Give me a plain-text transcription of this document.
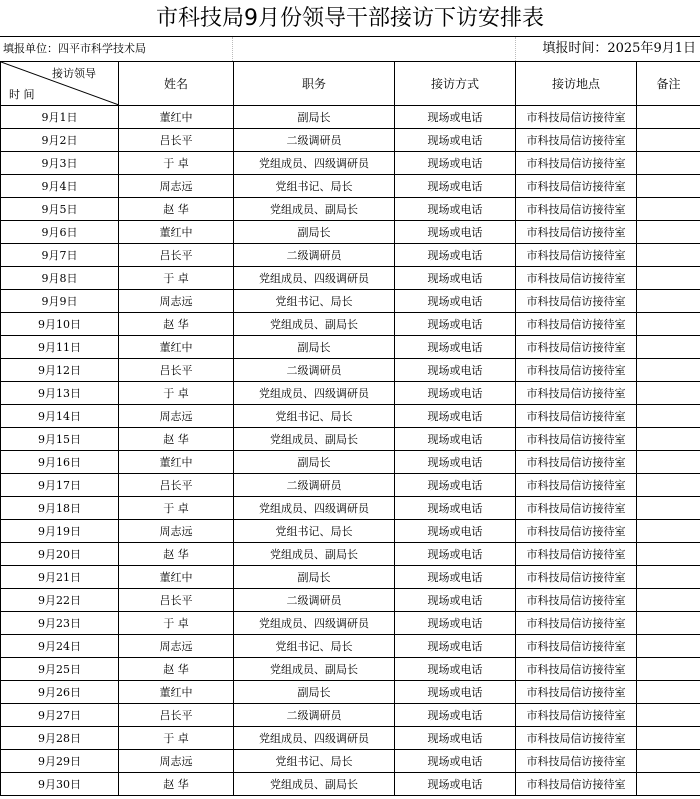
市科技局9月份领导干部接访下访安排表
填报单位：四平市科学技术局	填报时间：2025年9月1日
接访领导
时 间	姓名	职务	接访方式	接访地点	备注
9月1日	董红中	副局长	现场或电话	市科技局信访接待室	
9月2日	吕长平	二级调研员	现场或电话	市科技局信访接待室	
9月3日	于 卓	党组成员、四级调研员	现场或电话	市科技局信访接待室	
9月4日	周志远	党组书记、局长	现场或电话	市科技局信访接待室	
9月5日	赵 华	党组成员、副局长	现场或电话	市科技局信访接待室	
9月6日	董红中	副局长	现场或电话	市科技局信访接待室	
9月7日	吕长平	二级调研员	现场或电话	市科技局信访接待室	
9月8日	于 卓	党组成员、四级调研员	现场或电话	市科技局信访接待室	
9月9日	周志远	党组书记、局长	现场或电话	市科技局信访接待室	
9月10日	赵 华	党组成员、副局长	现场或电话	市科技局信访接待室	
9月11日	董红中	副局长	现场或电话	市科技局信访接待室	
9月12日	吕长平	二级调研员	现场或电话	市科技局信访接待室	
9月13日	于 卓	党组成员、四级调研员	现场或电话	市科技局信访接待室	
9月14日	周志远	党组书记、局长	现场或电话	市科技局信访接待室	
9月15日	赵 华	党组成员、副局长	现场或电话	市科技局信访接待室	
9月16日	董红中	副局长	现场或电话	市科技局信访接待室	
9月17日	吕长平	二级调研员	现场或电话	市科技局信访接待室	
9月18日	于 卓	党组成员、四级调研员	现场或电话	市科技局信访接待室	
9月19日	周志远	党组书记、局长	现场或电话	市科技局信访接待室	
9月20日	赵 华	党组成员、副局长	现场或电话	市科技局信访接待室	
9月21日	董红中	副局长	现场或电话	市科技局信访接待室	
9月22日	吕长平	二级调研员	现场或电话	市科技局信访接待室	
9月23日	于 卓	党组成员、四级调研员	现场或电话	市科技局信访接待室	
9月24日	周志远	党组书记、局长	现场或电话	市科技局信访接待室	
9月25日	赵 华	党组成员、副局长	现场或电话	市科技局信访接待室	
9月26日	董红中	副局长	现场或电话	市科技局信访接待室	
9月27日	吕长平	二级调研员	现场或电话	市科技局信访接待室	
9月28日	于 卓	党组成员、四级调研员	现场或电话	市科技局信访接待室	
9月29日	周志远	党组书记、局长	现场或电话	市科技局信访接待室	
9月30日	赵 华	党组成员、副局长	现场或电话	市科技局信访接待室	
